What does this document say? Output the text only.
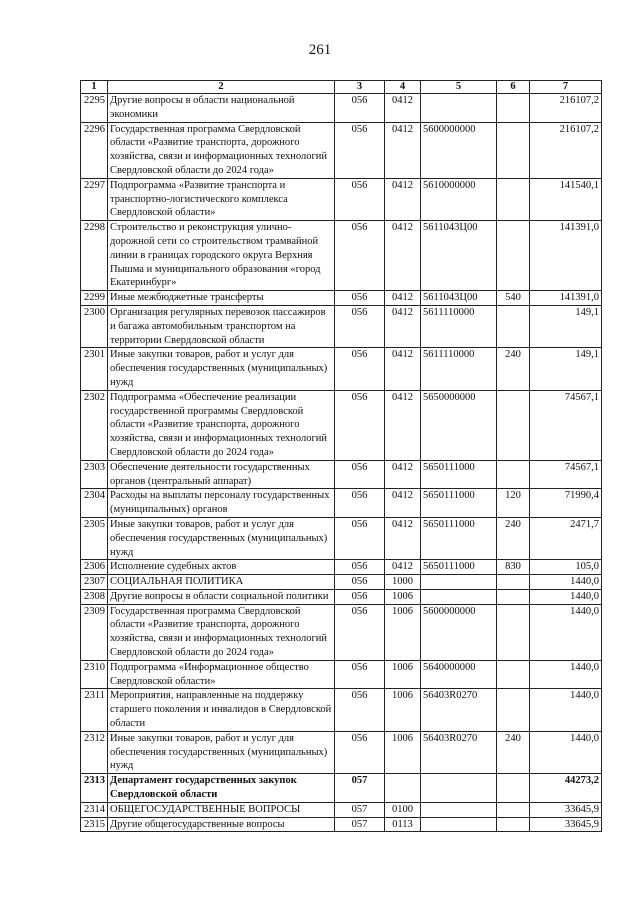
261
1	2	3	4	5	6	7
2295	Другие вопросы в области национальной экономики	056	0412			216107,2
2296	Государственная программа Свердловской области «Развитие транспорта, дорожного хозяйства, связи и информационных технологий Свердловской области до 2024 года»	056	0412	5600000000		216107,2
2297	Подпрограмма «Развитие транспорта и транспортно-логистического комплекса Свердловской области»	056	0412	5610000000		141540,1
2298	Строительство и реконструкция улично-дорожной сети со строительством трамвайной линии в границах городского округа Верхняя Пышма и муниципального образования «город Екатеринбург»	056	0412	5611043Ц00		141391,0
2299	Иные межбюджетные трансферты	056	0412	5611043Ц00	540	141391,0
2300	Организация регулярных перевозок пассажиров и багажа автомобильным транспортом на территории Свердловской области	056	0412	5611110000		149,1
2301	Иные закупки товаров, работ и услуг для обеспечения государственных (муниципальных) нужд	056	0412	5611110000	240	149,1
2302	Подпрограмма «Обеспечение реализации государственной программы Свердловской области «Развитие транспорта, дорожного хозяйства, связи и информационных технологий Свердловской области до 2024 года»	056	0412	5650000000		74567,1
2303	Обеспечение деятельности государственных органов (центральный аппарат)	056	0412	5650111000		74567,1
2304	Расходы на выплаты персоналу государственных (муниципальных) органов	056	0412	5650111000	120	71990,4
2305	Иные закупки товаров, работ и услуг для обеспечения государственных (муниципальных) нужд	056	0412	5650111000	240	2471,7
2306	Исполнение судебных актов	056	0412	5650111000	830	105,0
2307	СОЦИАЛЬНАЯ ПОЛИТИКА	056	1000			1440,0
2308	Другие вопросы в области социальной политики	056	1006			1440,0
2309	Государственная программа Свердловской области «Развитие транспорта, дорожного хозяйства, связи и информационных технологий Свердловской области до 2024 года»	056	1006	5600000000		1440,0
2310	Подпрограмма «Информационное общество Свердловской области»	056	1006	5640000000		1440,0
2311	Мероприятия, направленные на поддержку старшего поколения и инвалидов в Свердловской области	056	1006	56403R0270		1440,0
2312	Иные закупки товаров, работ и услуг для обеспечения государственных (муниципальных) нужд	056	1006	56403R0270	240	1440,0
2313	Департамент государственных закупок Свердловской области	057				44273,2
2314	ОБЩЕГОСУДАРСТВЕННЫЕ ВОПРОСЫ	057	0100			33645,9
2315	Другие общегосударственные вопросы	057	0113			33645,9
